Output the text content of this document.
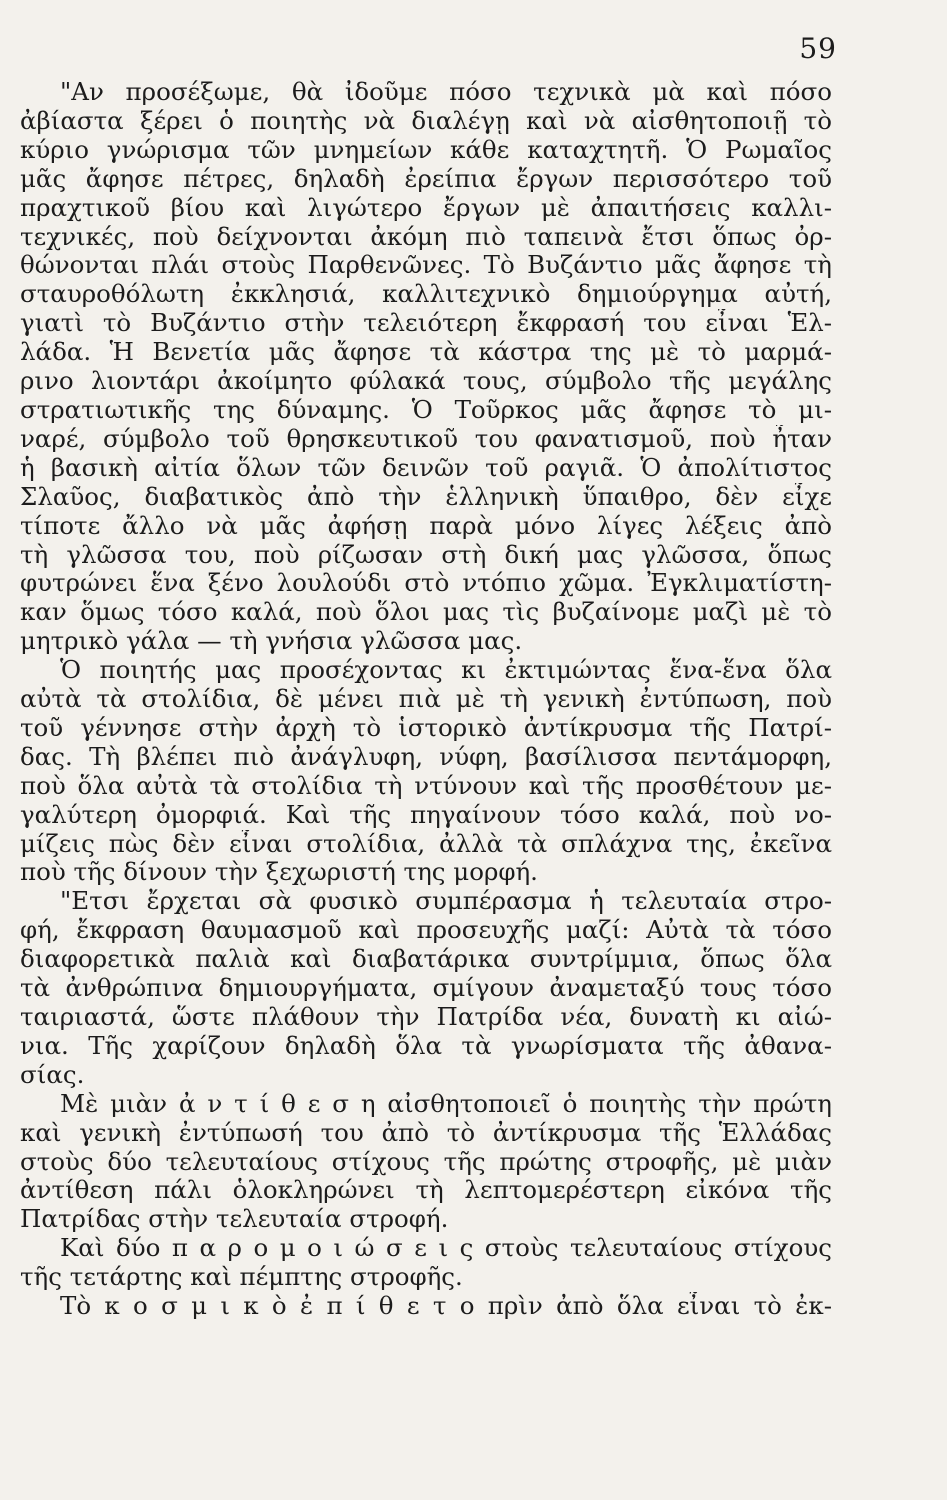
59
"Αν προσέξωμε, θὰ ἰδοῦμε πόσο τεχνικὰ μὰ καὶ πόσο
ἀβίαστα ξέρει ὁ ποιητὴς νὰ διαλέγῃ καὶ νὰ αἰσθητοποιῇ τὸ
κύριο γνώρισμα τῶν μνημείων κάθε καταχτητῆ. Ὁ Ρωμαῖος
μᾶς ἄφησε πέτρες, δηλαδὴ ἐρείπια ἔργων περισσότερο τοῦ
πραχτικοῦ βίου καὶ λιγώτερο ἔργων μὲ ἀπαιτήσεις καλλι-
τεχνικές, ποὺ δείχνονται ἀκόμη πιὸ ταπεινὰ ἔτσι ὅπως ὀρ-
θώνονται πλάι στοὺς Παρθενῶνες. Τὸ Βυζάντιο μᾶς ἄφησε τὴ
σταυροθόλωτη ἐκκλησιά, καλλιτεχνικὸ δημιούργημα αὐτή,
γιατὶ τὸ Βυζάντιο στὴν τελειότερη ἔκφρασή του εἶναι Ἑλ-
λάδα. Ἡ Βενετία μᾶς ἄφησε τὰ κάστρα της μὲ τὸ μαρμά-
ρινο λιοντάρι ἀκοίμητο φύλακά τους, σύμβολο τῆς μεγάλης
στρατιωτικῆς της δύναμης. Ὁ Τοῦρκος μᾶς ἄφησε τὸ μι-
ναρέ, σύμβολο τοῦ θρησκευτικοῦ του φανατισμοῦ, ποὺ ἦταν
ἡ βασικὴ αἰτία ὅλων τῶν δεινῶν τοῦ ραγιᾶ. Ὁ ἀπολίτιστος
Σλαῦος, διαβατικὸς ἀπὸ τὴν ἑλληνικὴ ὕπαιθρο, δὲν εἶχε
τίποτε ἄλλο νὰ μᾶς ἀφήσῃ παρὰ μόνο λίγες λέξεις ἀπὸ
τὴ γλῶσσα του, ποὺ ρίζωσαν στὴ δική μας γλῶσσα, ὅπως
φυτρώνει ἕνα ξένο λουλούδι στὸ ντόπιο χῶμα. Ἐγκλιματίστη-
καν ὅμως τόσο καλά, ποὺ ὅλοι μας τὶς βυζαίνομε μαζὶ μὲ τὸ
μητρικὸ γάλα — τὴ γνήσια γλῶσσα μας.
Ὁ ποιητής μας προσέχοντας κι ἐκτιμώντας ἕνα-ἕνα ὅλα
αὐτὰ τὰ στολίδια, δὲ μένει πιὰ μὲ τὴ γενικὴ ἐντύπωση, ποὺ
τοῦ γέννησε στὴν ἀρχὴ τὸ ἱστορικὸ ἀντίκρυσμα τῆς Πατρί-
δας. Τὴ βλέπει πιὸ ἀνάγλυφη, νύφη, βασίλισσα πεντάμορφη,
ποὺ ὅλα αὐτὰ τὰ στολίδια τὴ ντύνουν καὶ τῆς προσθέτουν με-
γαλύτερη ὀμορφιά. Καὶ τῆς πηγαίνουν τόσο καλά, ποὺ νο-
μίζεις πὼς δὲν εἶναι στολίδια, ἀλλὰ τὰ σπλάχνα της, ἐκεῖνα
ποὺ τῆς δίνουν τὴν ξεχωριστή της μορφή.
"Ετσι ἔρχεται σὰ φυσικὸ συμπέρασμα ἡ τελευταία στρο-
φή, ἔκφραση θαυμασμοῦ καὶ προσευχῆς μαζί: Αὐτὰ τὰ τόσο
διαφορετικὰ παλιὰ καὶ διαβατάρικα συντρίμμια, ὅπως ὅλα
τὰ ἀνθρώπινα δημιουργήματα, σμίγουν ἀναμεταξύ τους τόσο
ταιριαστά, ὥστε πλάθουν τὴν Πατρίδα νέα, δυνατὴ κι αἰώ-
νια. Τῆς χαρίζουν δηλαδὴ ὅλα τὰ γνωρίσματα τῆς ἀθανα-
σίας.
Μὲ μιὰν ἀ ν τ ί θ ε σ η αἰσθητοποιεῖ ὁ ποιητὴς τὴν πρώτη
καὶ γενικὴ ἐντύπωσή του ἀπὸ τὸ ἀντίκρυσμα τῆς Ἑλλάδας
στοὺς δύο τελευταίους στίχους τῆς πρώτης στροφῆς, μὲ μιὰν
ἀντίθεση πάλι ὁλοκληρώνει τὴ λεπτομερέστερη εἰκόνα τῆς
Πατρίδας στὴν τελευταία στροφή.
Καὶ δύο π α ρ ο μ ο ι ώ σ ε ι ς στοὺς τελευταίους στίχους
τῆς τετάρτης καὶ πέμπτης στροφῆς.
Τὸ κ ο σ μ ι κ ὸ ἐ π ί θ ε τ ο πρὶν ἀπὸ ὅλα εἶναι τὸ ἐκ-
